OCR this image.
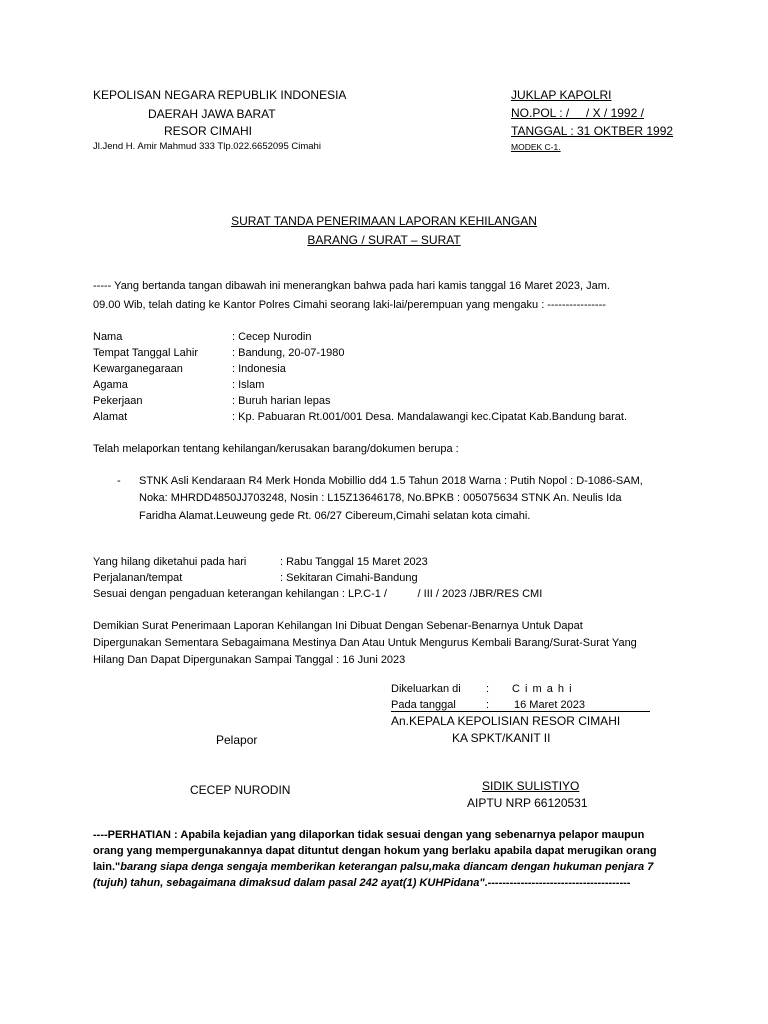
KEPOLISAN NEGARA REPUBLIK INDONESIA
DAERAH JAWA BARAT
RESOR CIMAHI
Jl.Jend H. Amir Mahmud 333 Tlp.022.6652095 Cimahi
JUKLAP KAPOLRI
NO.POL : /     / X / 1992 /
TANGGAL : 31 OKTBER 1992
MODEK C-1.
SURAT TANDA PENERIMAAN LAPORAN KEHILANGAN
BARANG / SURAT – SURAT
----- Yang bertanda tangan dibawah ini menerangkan bahwa pada hari kamis tanggal 16 Maret 2023, Jam.
09.00 Wib, telah dating ke Kantor Polres Cimahi seorang laki-lai/perempuan yang mengaku : ----------------
Nama	: Cecep Nurodin
Tempat Tanggal Lahir	: Bandung, 20-07-1980
Kewarganegaraan	: Indonesia
Agama	: Islam
Pekerjaan	: Buruh harian lepas
Alamat	: Kp. Pabuaran Rt.001/001 Desa. Mandalawangi kec.Cipatat Kab.Bandung barat.
Telah melaporkan tentang kehilangan/kerusakan barang/dokumen berupa :
- STNK Asli Kendaraan R4 Merk Honda Mobillio dd4 1.5 Tahun 2018 Warna : Putih Nopol : D-1086-SAM,
Noka: MHRDD4850JJ703248, Nosin : L15Z13646178, No.BPKB : 005075634 STNK An. Neulis Ida
Faridha Alamat.Leuweung gede Rt. 06/27 Cibereum,Cimahi selatan kota cimahi.
Yang hilang diketahui pada hari	: Rabu Tanggal 15 Maret 2023
Perjalanan/tempat	: Sekitaran Cimahi-Bandung
Sesuai dengan pengaduan keterangan kehilangan : LP.C-1 /          / III / 2023 /JBR/RES CMI
Demikian Surat Penerimaan Laporan Kehilangan Ini Dibuat Dengan Sebenar-Benarnya Untuk Dapat
Dipergunakan Sementara Sebagaimana Mestinya Dan Atau Untuk Mengurus Kembali Barang/Surat-Surat Yang
Hilang Dan Dapat Dipergunakan Sampai Tanggal : 16 Juni 2023
Dikeluarkan di : C i m a h i
Pada tanggal	: 16 Maret 2023
An.KEPALA KEPOLISIAN RESOR CIMAHI
KA SPKT/KANIT II
Pelapor
CECEP NURODIN	SIDIK SULISTIYO
AIPTU NRP 66120531
----PERHATIAN : Apabila kejadian yang dilaporkan tidak sesuai dengan yang sebenarnya pelapor maupun
orang yang mempergunakannya dapat dituntut dengan hokum yang berlaku apabila dapat merugikan orang
lain."barang siapa denga sengaja memberikan keterangan palsu,maka diancam dengan hukuman penjara 7
(tujuh) tahun, sebagaimana dimaksud dalam pasal 242 ayat(1) KUHPidana".---------------------------------------
